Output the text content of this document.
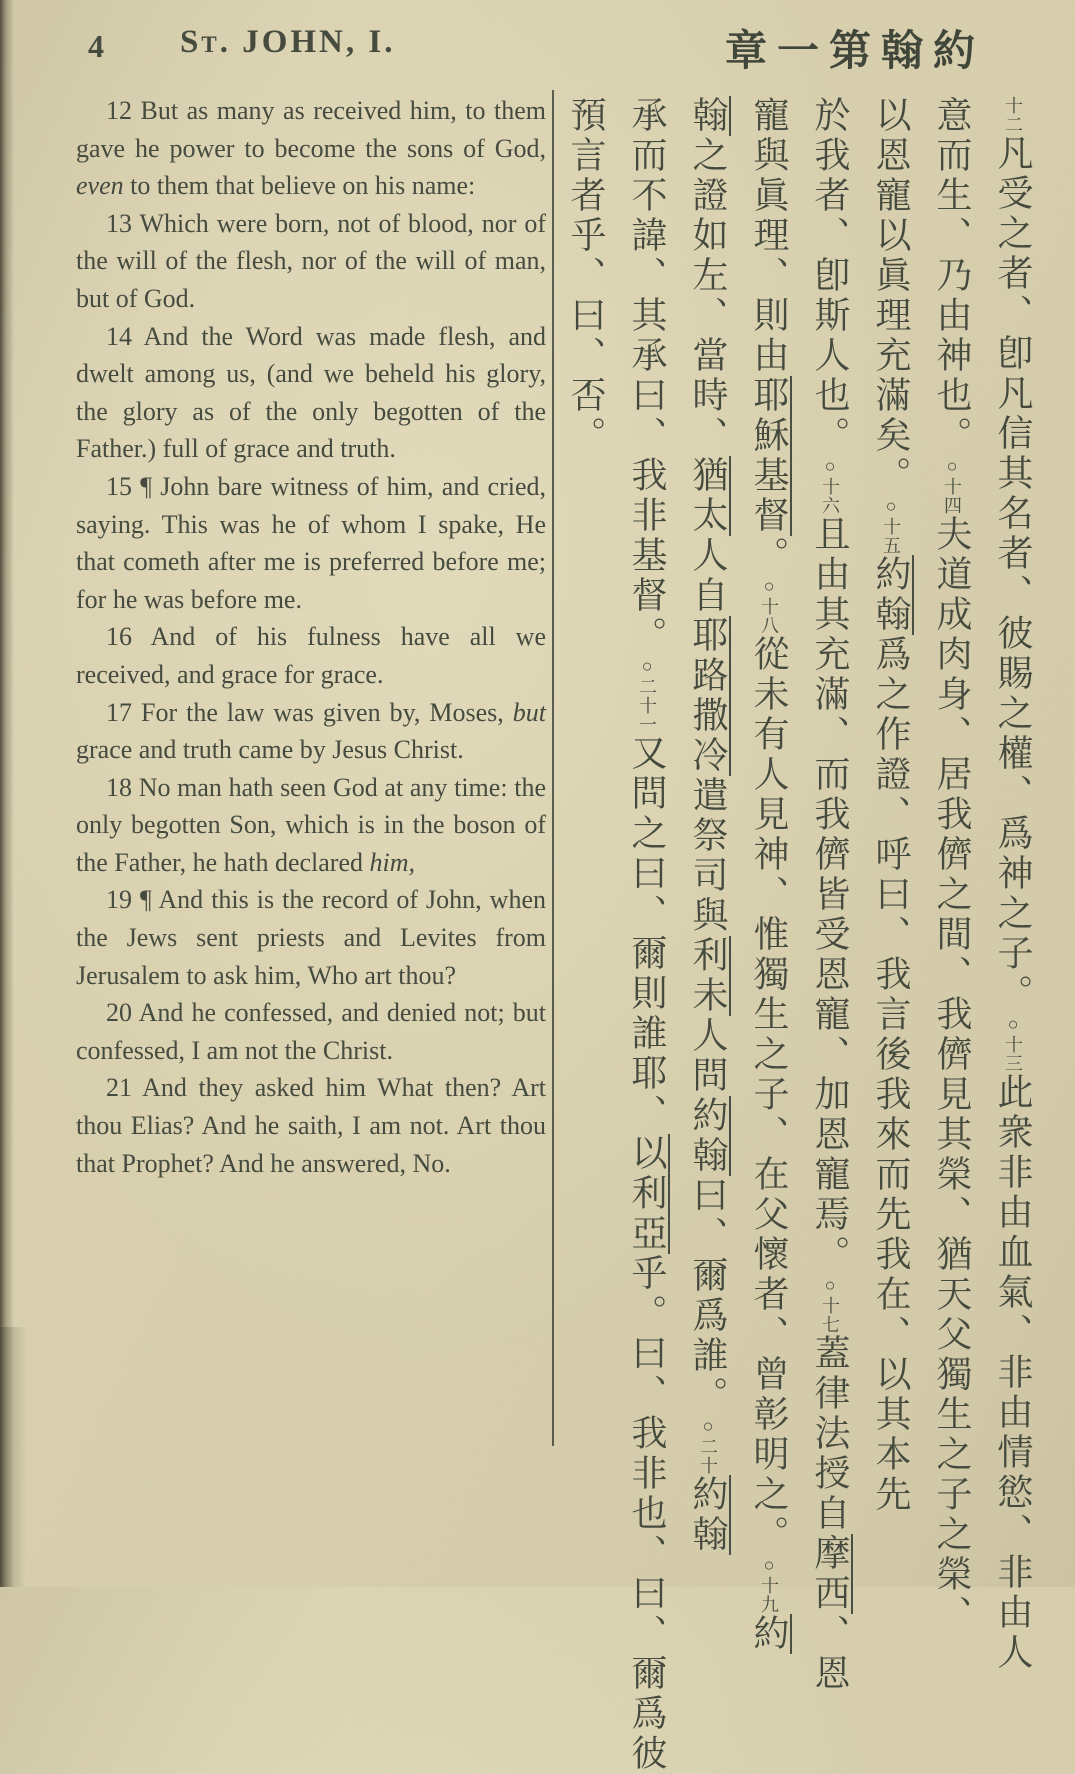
4 St. JOHN, I.	章一第翰約

12 But as many as received him, to them gave he power to become the sons of God, even to them that believe on his name:

13 Which were born, not of blood, nor of the will of the flesh, nor of the will of man, but of God.

14 And the Word was made flesh, and dwelt among us, (and we beheld his glory, the glory as of the only begotten of the Father.) full of grace and truth.

15 ¶ John bare witness of him, and cried, saying. This was he of whom I spake, He that cometh after me is preferred before me; for he was before me.

16 And of his fulness have all we received, and grace for grace.

17 For the law was given by, Moses, but grace and truth came by Jesus Christ.

18 No man hath seen God at any time: the only begotten Son, which is in the boson of the Father, he hath declared him,

19 ¶ And this is the record of John, when the Jews sent priests and Levites from Jerusalem to ask him, Who art thou?

20 And he confessed, and denied not; but confessed, I am not the Christ.

21 And they asked him What then? Art thou Elias? And he saith, I am not. Art thou that Prophet? And he answered, No.

十二凡受之者、卽凡信其名者、彼賜之權、爲神之子。○十三此衆非由血氣、非由情慾、非由人
意而生、乃由神也。○十四夫道成肉身、居我儕之間、我儕見其榮、猶天父獨生之子之榮、
以恩寵以眞理充滿矣。○十五約翰爲之作證、呼曰、我言後我來而先我在、以其本先
於我者、卽斯人也。○十六且由其充滿、而我儕皆受恩寵、加恩寵焉。○十七蓋律法授自摩西、恩
寵與眞理、則由耶穌基督。○十八從未有人見神、惟獨生之子、在父懷者、曾彰明之。○十九約
翰之證如左、當時、猶太人自耶路撒冷遣祭司與利未人問約翰曰、爾爲誰。○二十約翰
承而不諱、其承曰、我非基督。○二十一又問之曰、爾則誰耶、以利亞乎。曰、我非也、曰、爾爲彼
預言者乎、曰、否。
